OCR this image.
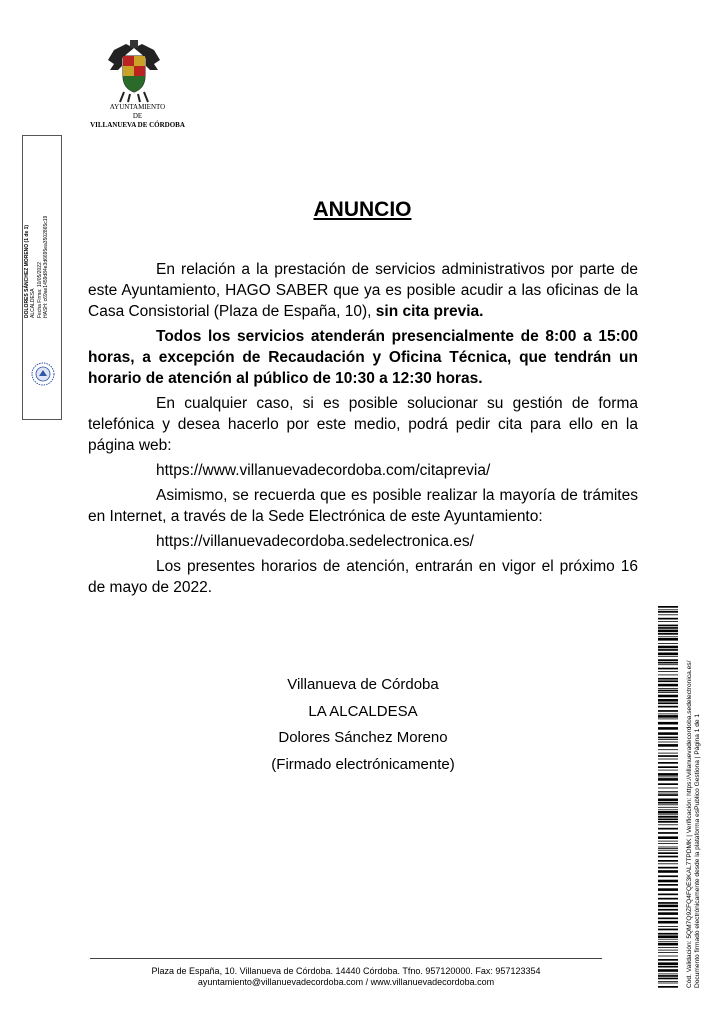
AYUNTAMIENTO
DE
VILLANUEVA DE CÓRDOBA
DOLORES SÁNCHEZ MORENO (1 de 1) ALCALDESA Fecha Firma: 10/05/2022 HASH: c69ae1459d84e3d6695ea3502865c19
ANUNCIO

En relación a la prestación de servicios administrativos por parte de este Ayuntamiento, HAGO SABER que ya es posible acudir a las oficinas de la Casa Consistorial (Plaza de España, 10), sin cita previa.

Todos los servicios atenderán presencialmente de 8:00 a 15:00 horas, a excepción de Recaudación y Oficina Técnica, que tendrán un horario de atención al público de 10:30 a 12:30 horas.

En cualquier caso, si es posible solucionar su gestión de forma telefónica y desea hacerlo por este medio, podrá pedir cita para ello en la página web:

https://www.villanuevadecordoba.com/citaprevia/

Asimismo, se recuerda que es posible realizar la mayoría de trámites en Internet, a través de la Sede Electrónica de este Ayuntamiento:

https://villanuevadecordoba.sedelectronica.es/

Los presentes horarios de atención, entrarán en vigor el próximo 16 de mayo de 2022.

Villanueva de Córdoba
LA ALCALDESA
Dolores Sánchez Moreno
(Firmado electrónicamente)
Plaza de España, 10. Villanueva de Córdoba. 14440 Córdoba. Tfno. 957120000. Fax: 957123354
ayuntamiento@villanuevadecordoba.com / www.villanuevadecordoba.com	Cód. Validación: 5QM7Q9ZFQ4FQE3KAL7TPDMK | Verificación: https://villanuevadecordoba.sedelectronica.es/ Documento firmado electrónicamente desde la plataforma esPublico Gestiona | Página 1 de 1
